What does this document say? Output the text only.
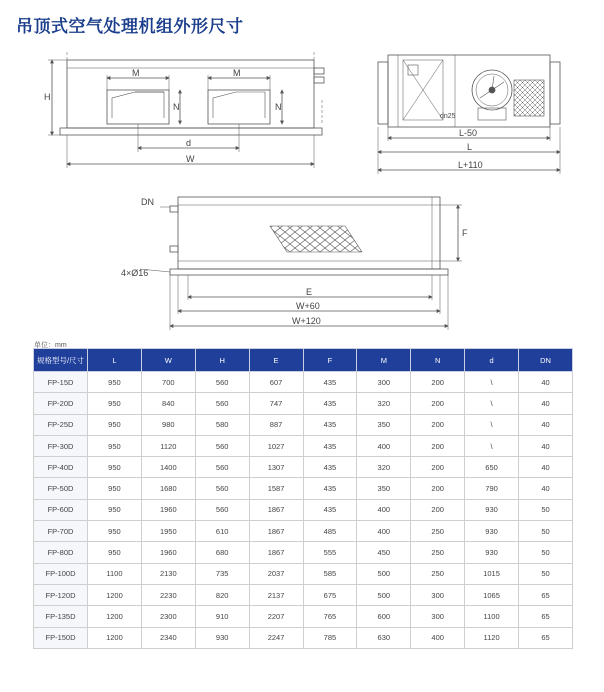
吊顶式空气处理机组外形尺寸
H
M	M
N	N
d
W
dn25
L-50
L
L+110
DN
F
4×Ø16
E
W+60
W+120
单位：mm
规格型号/尺寸	L	W	H	E	F	M	N	d	DN
FP-15D	950	700	560	607	435	300	200	\	40
FP-20D	950	840	560	747	435	320	200	\	40
FP-25D	950	980	580	887	435	350	200	\	40
FP-30D	950	1120	560	1027	435	400	200	\	40
FP-40D	950	1400	560	1307	435	320	200	650	40
FP-50D	950	1680	560	1587	435	350	200	790	40
FP-60D	950	1960	560	1867	435	400	200	930	50
FP-70D	950	1950	610	1867	485	400	250	930	50
FP-80D	950	1960	680	1867	555	450	250	930	50
FP-100D	1100	2130	735	2037	585	500	250	1015	50
FP-120D	1200	2230	820	2137	675	500	300	1065	65
FP-135D	1200	2300	910	2207	765	600	300	1100	65
FP-150D	1200	2340	930	2247	785	630	400	1120	65
